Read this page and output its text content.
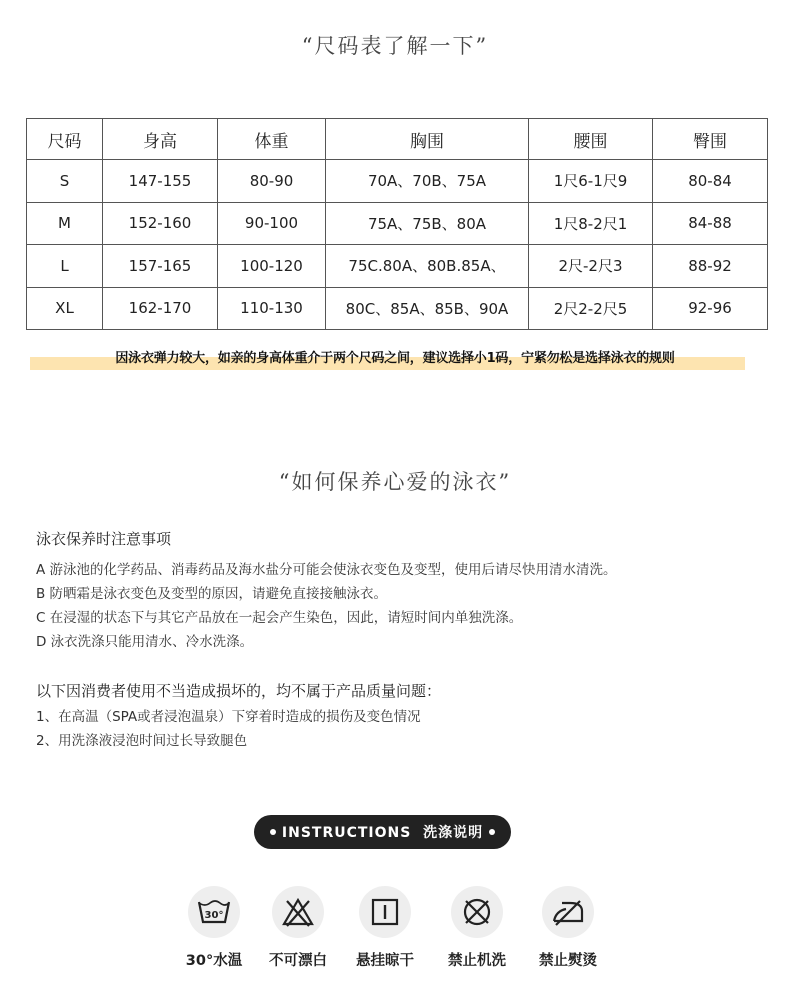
“尺码表了解一下”
尺码	身高	体重	胸围	腰围	臀围
S	147-155	80-90	70A、70B、75A	1尺6-1尺9	80-84
M	152-160	90-100	75A、75B、80A	1尺8-2尺1	84-88
L	157-165	100-120	75C.80A、80B.85A、	2尺-2尺3	88-92
XL	162-170	110-130	80C、85A、85B、90A	2尺2-2尺5	92-96
因泳衣弹力较大，如亲的身高体重介于两个尺码之间，建议选择小1码，宁紧勿松是选择泳衣的规则
“如何保养心爱的泳衣”
泳衣保养时注意事项
A 游泳池的化学药品、消毒药品及海水盐分可能会使泳衣变色及变型，使用后请尽快用清水清洗。
B 防晒霜是泳衣变色及变型的原因，请避免直接接触泳衣。
C 在浸湿的状态下与其它产品放在一起会产生染色，因此，请短时间内单独洗涤。
D 泳衣洗涤只能用清水、冷水洗涤。
以下因消费者使用不当造成损坏的，均不属于产品质量问题：
1、在高温（SPA或者浸泡温泉）下穿着时造成的损伤及变色情况
2、用洗涤液浸泡时间过长导致腿色
INSTRUCTIONS  洗涤说明
30°
30°水温	不可漂白	悬挂晾干	禁止机洗	禁止熨烫
